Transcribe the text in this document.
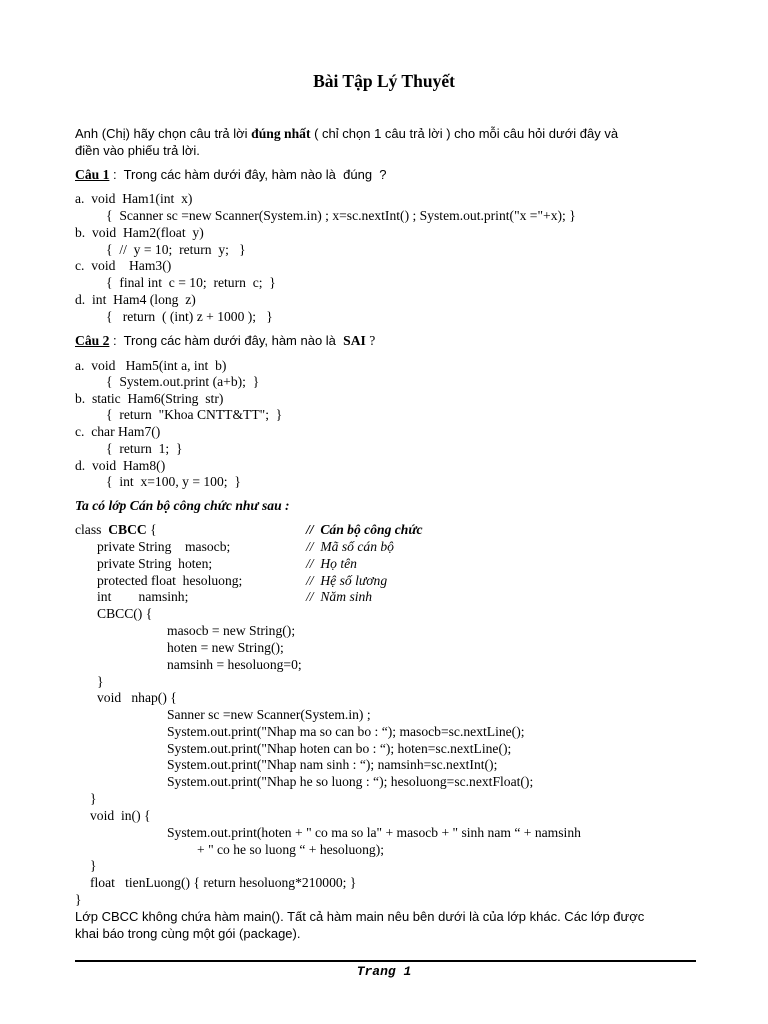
Bài Tập Lý Thuyết
Anh (Chị) hãy chọn câu trả lời đúng nhất ( chỉ chọn 1 câu trả lời ) cho mỗi câu hỏi dưới đây và
điền vào phiếu trả lời.
Câu 1 :  Trong các hàm dưới đây, hàm nào là  đúng  ?
a.  void  Ham1(int  x)
{  Scanner sc =new Scanner(System.in) ; x=sc.nextInt() ; System.out.print("x ="+x); }
b.  void  Ham2(float  y)
{  //  y = 10;  return  y;   }
c.  void    Ham3()
{  final int  c = 10;  return  c;  }
d.  int  Ham4 (long  z)
{   return  ( (int) z + 1000 );   }
Câu 2 :  Trong các hàm dưới đây, hàm nào là  SAI ?
a.  void   Ham5(int a, int  b)
{  System.out.print (a+b);  }
b.  static  Ham6(String  str)
{  return  "Khoa CNTT&TT";  }
c.  char Ham7()
{  return  1;  }
d.  void  Ham8()
{  int  x=100, y = 100;  }
Ta có lớp Cán bộ công chức như sau :
class  CBCC {	// Cán bộ công chức
private String    masocb;	// Mã số cán bộ
private String  hoten;	// Họ tên
protected float  hesoluong;	// Hệ số lương
int        namsinh;	// Năm sinh
CBCC() {
masocb = new String();
hoten = new String();
namsinh = hesoluong=0;
}
void   nhap() {
Sanner sc =new Scanner(System.in) ;
System.out.print("Nhap ma so can bo : “); masocb=sc.nextLine();
System.out.print("Nhap hoten can bo : “); hoten=sc.nextLine();
System.out.print("Nhap nam sinh : “); namsinh=sc.nextInt();
System.out.print("Nhap he so luong : “); hesoluong=sc.nextFloat();
}
void  in() {
System.out.print(hoten + " co ma so la" + masocb + " sinh nam “ + namsinh
+ " co he so luong “ + hesoluong);
}
float   tienLuong() { return hesoluong*210000; }
}
Lớp CBCC không chứa hàm main(). Tất cả hàm main nêu bên dưới là của lớp khác. Các lớp được
khai báo trong cùng một gói (package).
Trang 1
